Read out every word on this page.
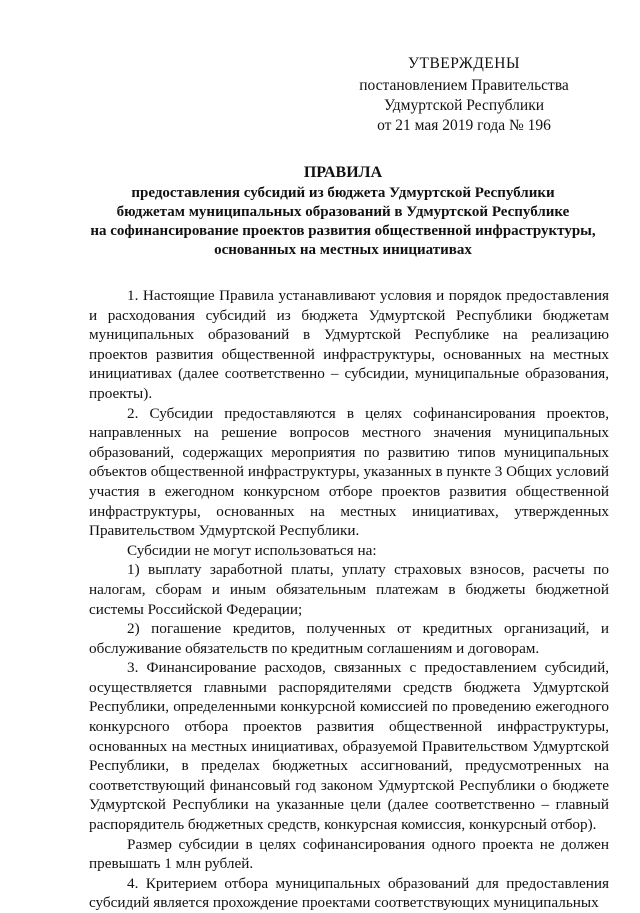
УТВЕРЖДЕНЫ
постановлением Правительства
Удмуртской Республики
от 21 мая 2019 года № 196
ПРАВИЛА
предоставления субсидий из бюджета Удмуртской Республики
бюджетам муниципальных образований в Удмуртской Республике
на софинансирование проектов развития общественной инфраструктуры,
основанных на местных инициативах

1. Настоящие Правила устанавливают условия и порядок предоставления и расходования субсидий из бюджета Удмуртской Республики бюджетам муниципальных образований в Удмуртской Республике на реализацию проектов развития общественной инфраструктуры, основанных на местных инициативах (далее соответственно – субсидии, муниципальные образования, проекты).

2. Субсидии предоставляются в целях софинансирования проектов, направленных на решение вопросов местного значения муниципальных образований, содержащих мероприятия по развитию типов муниципальных объектов общественной инфраструктуры, указанных в пункте 3 Общих условий участия в ежегодном конкурсном отборе проектов развития общественной инфраструктуры, основанных на местных инициативах, утвержденных Правительством Удмуртской Республики.

Субсидии не могут использоваться на:

1) выплату заработной платы, уплату страховых взносов, расчеты по налогам, сборам и иным обязательным платежам в бюджеты бюджетной системы Российской Федерации;

2) погашение кредитов, полученных от кредитных организаций, и обслуживание обязательств по кредитным соглашениям и договорам.

3. Финансирование расходов, связанных с предоставлением субсидий, осуществляется главными распорядителями средств бюджета Удмуртской Республики, определенными конкурсной комиссией по проведению ежегодного конкурсного отбора проектов развития общественной инфраструктуры, основанных на местных инициативах, образуемой Правительством Удмуртской Республики, в пределах бюджетных ассигнований, предусмотренных на соответствующий финансовый год законом Удмуртской Республики о бюджете Удмуртской Республики на указанные цели (далее соответственно – главный распорядитель бюджетных средств, конкурсная комиссия, конкурсный отбор).

Размер субсидии в целях софинансирования одного проекта не должен превышать 1 млн рублей.

4. Критерием отбора муниципальных образований для предоставления субсидий является прохождение проектами соответствующих муниципальных
